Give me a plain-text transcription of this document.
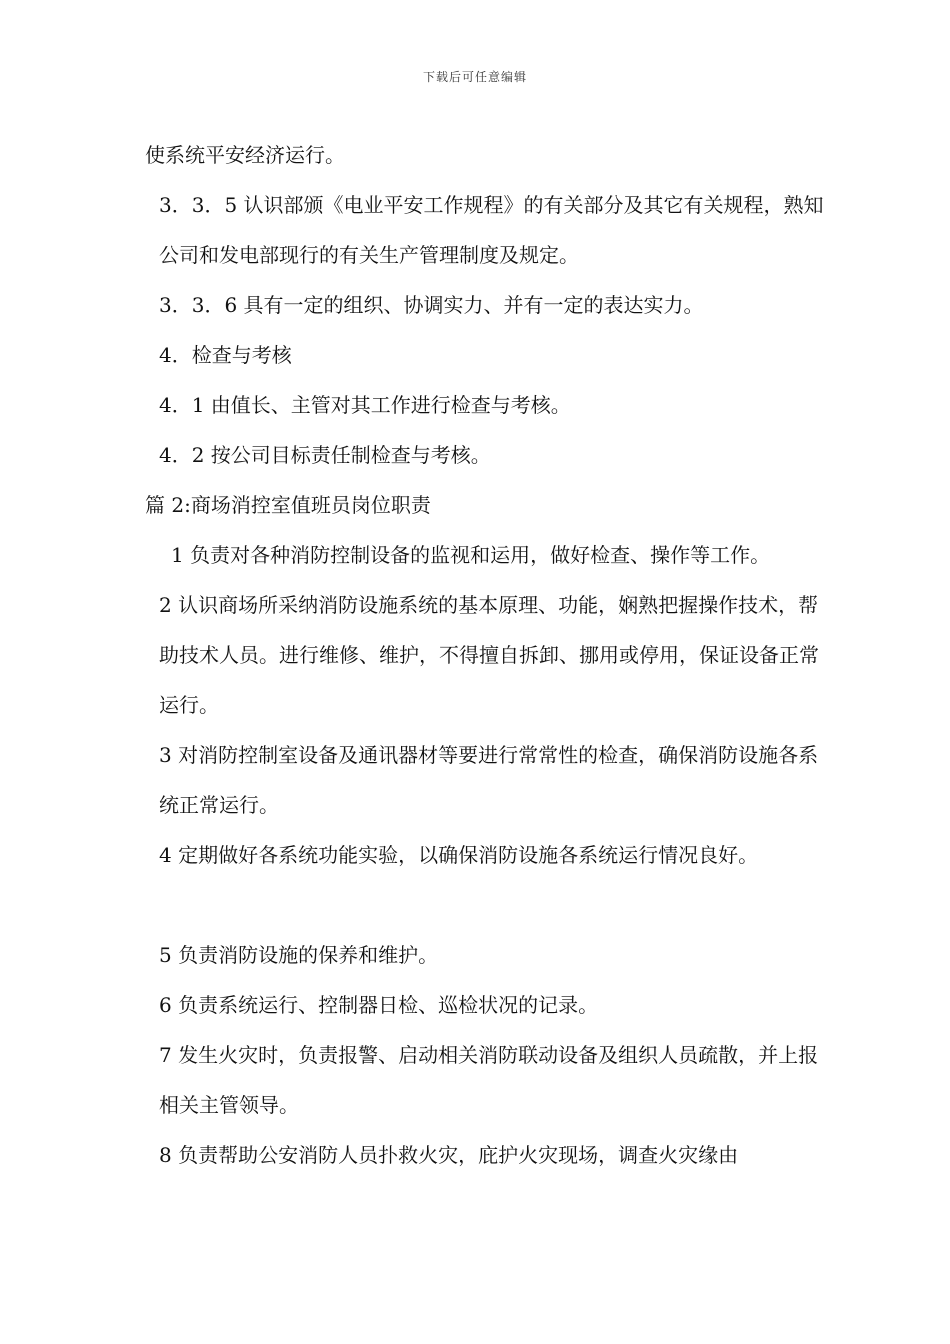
下载后可任意编辑

使系统平安经济运行。

3．3．5 认识部颁《电业平安工作规程》的有关部分及其它有关规程，熟知公司和发电部现行的有关生产管理制度及规定。

3．3．6 具有一定的组织、协调实力、并有一定的表达实力。

4．检查与考核

4．1 由值长、主管对其工作进行检查与考核。

4．2 按公司目标责任制检查与考核。

篇 2:商场消控室值班员岗位职责

1 负责对各种消防控制设备的监视和运用，做好检查、操作等工作。

2 认识商场所采纳消防设施系统的基本原理、功能，娴熟把握操作技术，帮助技术人员。进行维修、维护，不得擅自拆卸、挪用或停用，保证设备正常运行。

3 对消防控制室设备及通讯器材等要进行常常性的检查，确保消防设施各系统正常运行。

4 定期做好各系统功能实验，以确保消防设施各系统运行情况良好。

5 负责消防设施的保养和维护。

6 负责系统运行、控制器日检、巡检状况的记录。

7 发生火灾时，负责报警、启动相关消防联动设备及组织人员疏散，并上报相关主管领导。

8 负责帮助公安消防人员扑救火灾，庇护火灾现场，调查火灾缘由
